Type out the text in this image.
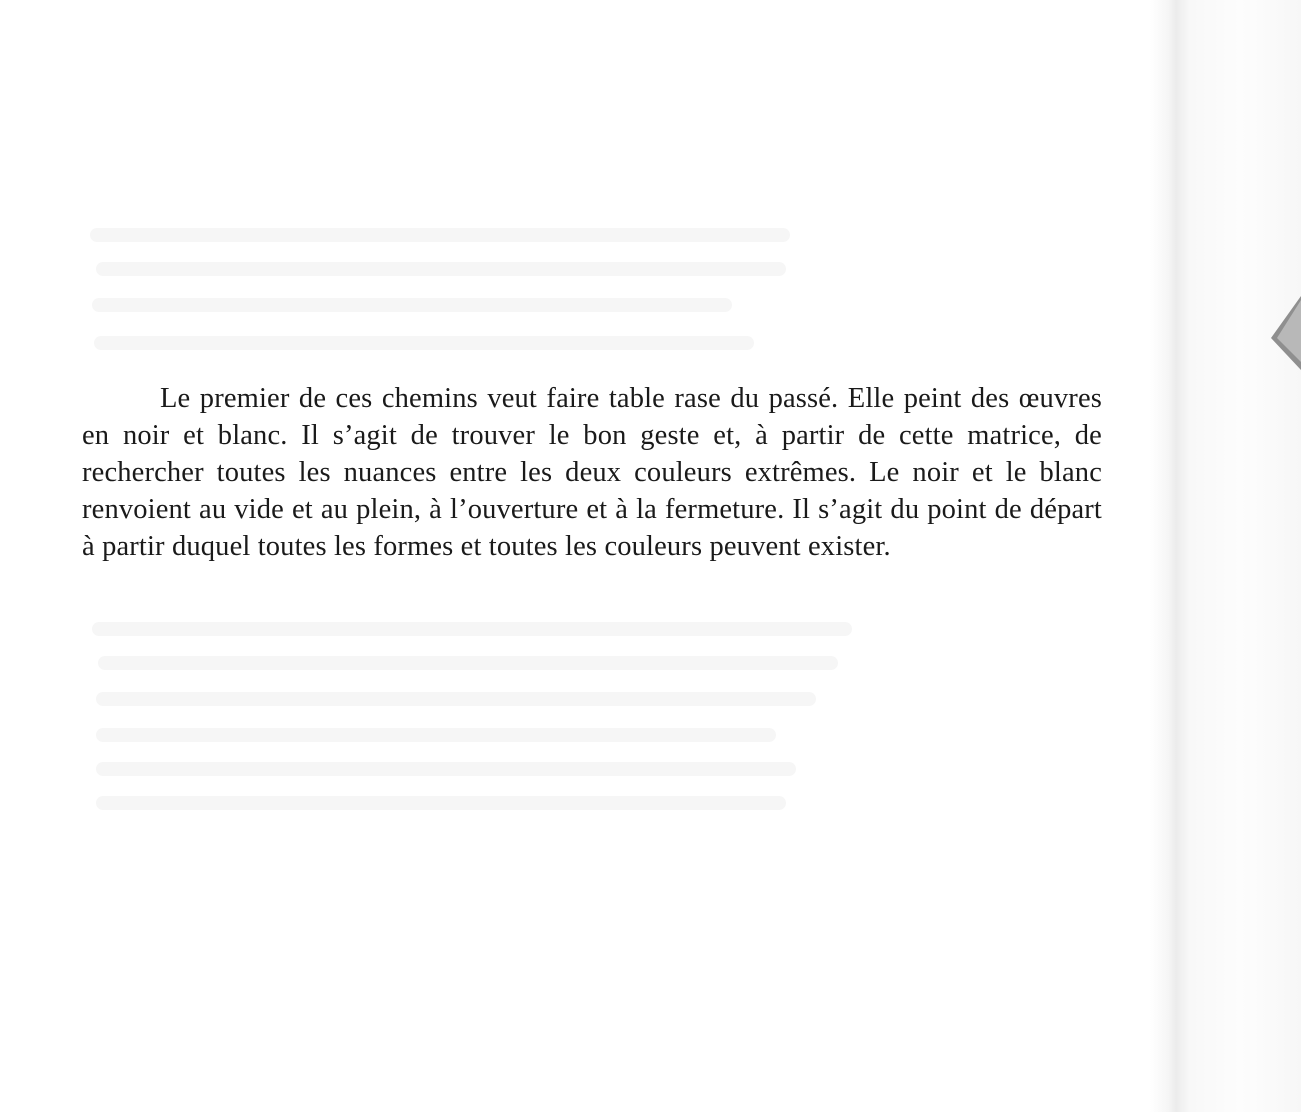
Le premier de ces chemins veut faire table rase du passé. Elle peint des œuvres en noir et blanc. Il s’agit de trouver le bon geste et, à partir de cette matrice, de rechercher toutes les nuances entre les deux couleurs extrêmes. Le noir et le blanc renvoient au vide et au plein, à l’ouverture et à la fermeture. Il s’agit du point de départ à partir duquel toutes les formes et toutes les couleurs peuvent exister.
